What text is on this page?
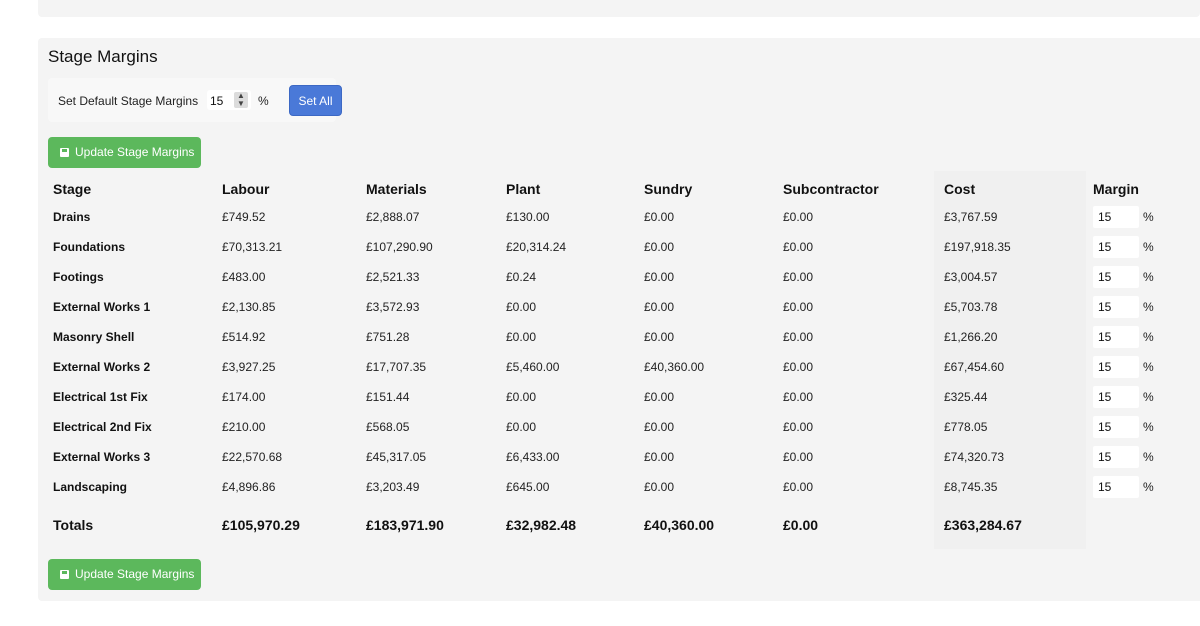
Stage Margins
Set Default Stage Margins 15	▲
▼ %	Set All
Update Stage Margins
Stage	Labour	Materials	Plant	Sundry	Subcontractor	Cost	Margin
Drains	£749.52	£2,888.07	£130.00	£0.00	£0.00	£3,767.59	15 %
Foundations	£70,313.21	£107,290.90	£20,314.24	£0.00	£0.00	£197,918.35	15 %
Footings	£483.00	£2,521.33	£0.24	£0.00	£0.00	£3,004.57	15 %
External Works 1	£2,130.85	£3,572.93	£0.00	£0.00	£0.00	£5,703.78	15 %
Masonry Shell	£514.92	£751.28	£0.00	£0.00	£0.00	£1,266.20	15 %
External Works 2	£3,927.25	£17,707.35	£5,460.00	£40,360.00	£0.00	£67,454.60	15 %
Electrical 1st Fix	£174.00	£151.44	£0.00	£0.00	£0.00	£325.44	15 %
Electrical 2nd Fix	£210.00	£568.05	£0.00	£0.00	£0.00	£778.05	15 %
External Works 3	£22,570.68	£45,317.05	£6,433.00	£0.00	£0.00	£74,320.73	15 %
Landscaping	£4,896.86	£3,203.49	£645.00	£0.00	£0.00	£8,745.35	15 %
Totals	£105,970.29	£183,971.90	£32,982.48	£40,360.00	£0.00	£363,284.67	
Update Stage Margins
